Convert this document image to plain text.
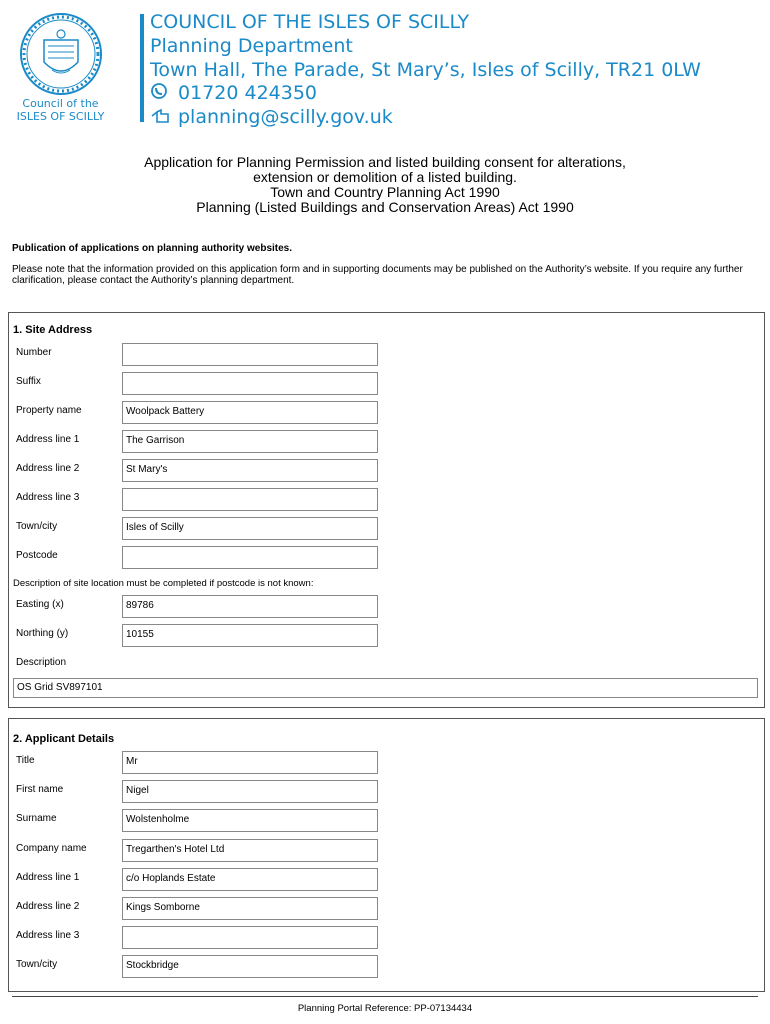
Council of the
ISLES OF SCILLY
COUNCIL OF THE ISLES OF SCILLY
Planning Department
Town Hall, The Parade, St Mary’s, Isles of Scilly, TR21 0LW
01720 424350
planning@scilly.gov.uk
Application for Planning Permission and listed building consent for alterations,
extension or demolition of a listed building.
Town and Country Planning Act 1990
Planning (Listed Buildings and Conservation Areas) Act 1990
Publication of applications on planning authority websites.
Please note that the information provided on this application form and in supporting documents may be published on the Authority’s website. If you require any further clarification, please contact the Authority’s planning department.
1. Site Address
Number
Suffix
Property name	Woolpack Battery
Address line 1	The Garrison
Address line 2	St Mary's
Address line 3
Town/city	Isles of Scilly
Postcode
Description of site location must be completed if postcode is not known:
Easting (x)	89786
Northing (y)	10155
Description
OS Grid SV897101
2. Applicant Details
Title	Mr
First name	Nigel
Surname	Wolstenholme
Company name	Tregarthen's Hotel Ltd
Address line 1	c/o Hoplands Estate
Address line 2	Kings Somborne
Address line 3
Town/city	Stockbridge
Planning Portal Reference: PP-07134434
